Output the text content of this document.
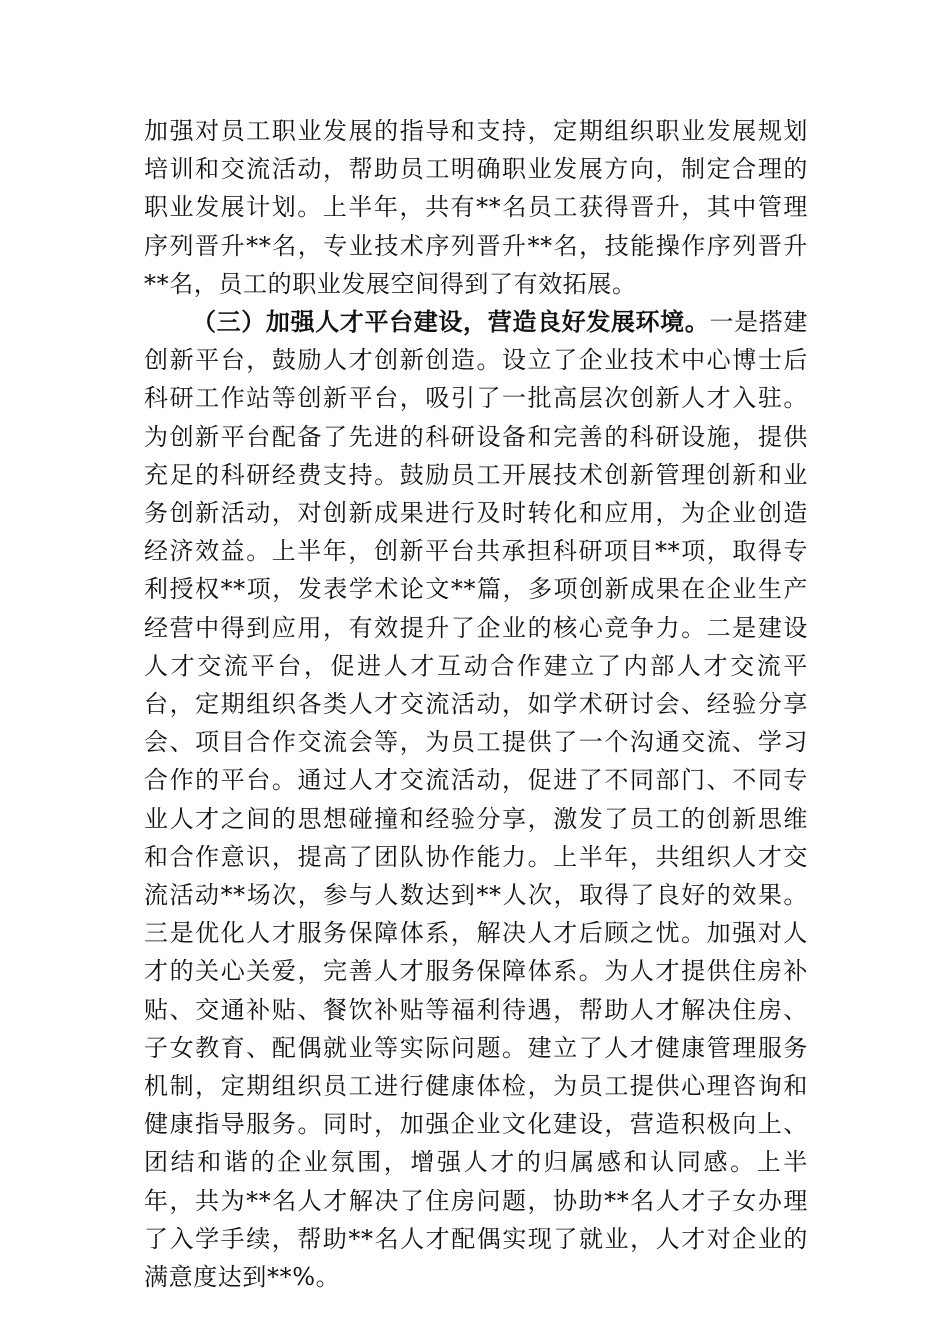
加强对员工职业发展的指导和支持，定期组织职业发展规划培训和交流活动，帮助员工明确职业发展方向，制定合理的职业发展计划。上半年，共有**名员工获得晋升，其中管理序列晋升**名，专业技术序列晋升**名，技能操作序列晋升**名，员工的职业发展空间得到了有效拓展。

（三）加强人才平台建设，营造良好发展环境。一是搭建创新平台，鼓励人才创新创造。设立了企业技术中心博士后科研工作站等创新平台，吸引了一批高层次创新人才入驻。为创新平台配备了先进的科研设备和完善的科研设施，提供充足的科研经费支持。鼓励员工开展技术创新管理创新和业务创新活动，对创新成果进行及时转化和应用，为企业创造经济效益。上半年，创新平台共承担科研项目**项，取得专利授权**项，发表学术论文**篇，多项创新成果在企业生产经营中得到应用，有效提升了企业的核心竞争力。二是建设人才交流平台，促进人才互动合作建立了内部人才交流平台，定期组织各类人才交流活动，如学术研讨会、经验分享会、项目合作交流会等，为员工提供了一个沟通交流、学习合作的平台。通过人才交流活动，促进了不同部门、不同专业人才之间的思想碰撞和经验分享，激发了员工的创新思维和合作意识，提高了团队协作能力。上半年，共组织人才交流活动**场次，参与人数达到**人次，取得了良好的效果。三是优化人才服务保障体系，解决人才后顾之忧。加强对人才的关心关爱，完善人才服务保障体系。为人才提供住房补贴、交通补贴、餐饮补贴等福利待遇，帮助人才解决住房、子女教育、配偶就业等实际问题。建立了人才健康管理服务机制，定期组织员工进行健康体检，为员工提供心理咨询和健康指导服务。同时，加强企业文化建设，营造积极向上、团结和谐的企业氛围，增强人才的归属感和认同感。上半年，共为**名人才解决了住房问题，协助**名人才子女办理了入学手续，帮助**名人才配偶实现了就业，人才对企业的满意度达到**%。
